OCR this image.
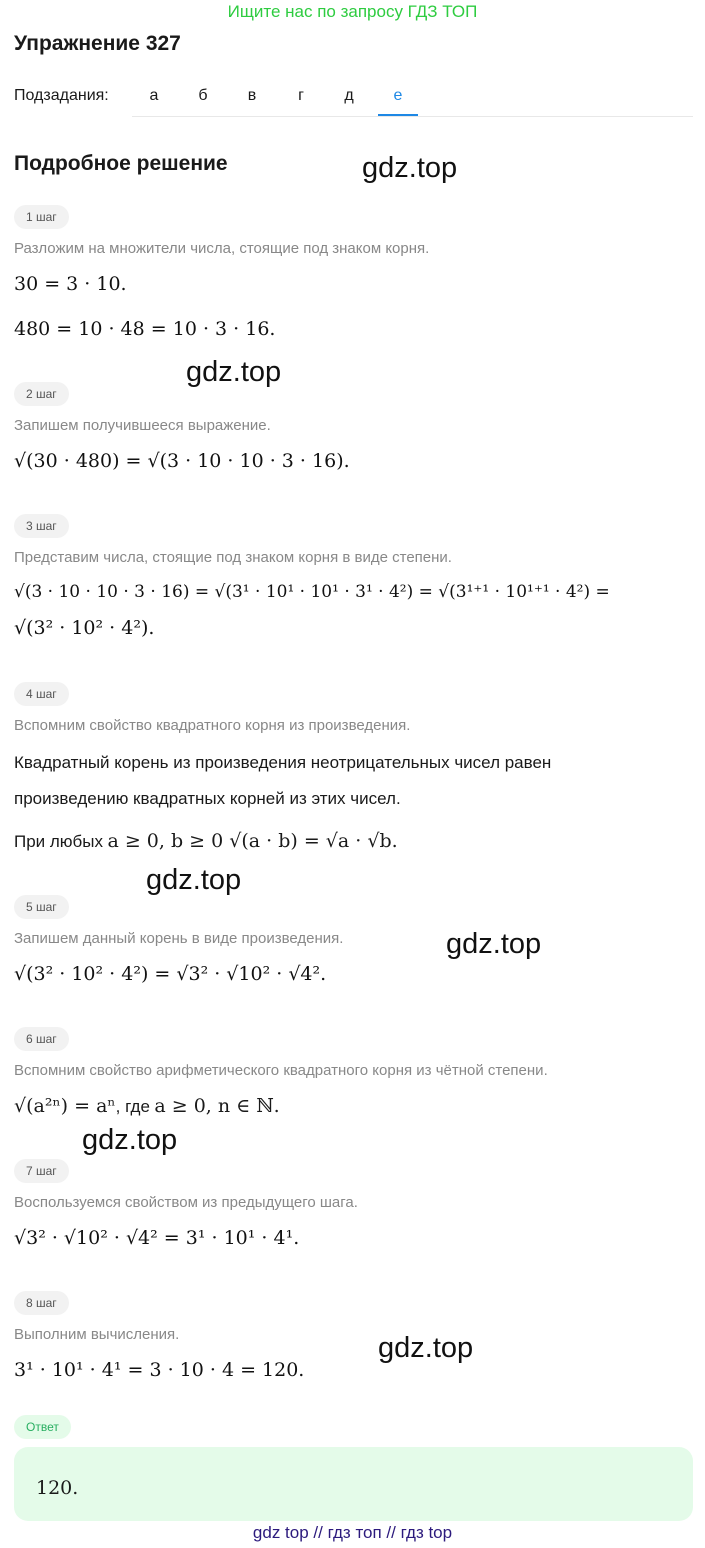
Ищите нас по запросу ГДЗ ТОП
Упражнение 327
Подзадания:	а	б	в	г	д	е
Подробное решение	gdz.top
gdz.top
gdz.top
gdz.top
gdz.top
gdz.top
1 шаг
Разложим на множители числа, стоящие под знаком корня.
30 = 3 · 10.
480 = 10 · 48 = 10 · 3 · 16.
2 шаг
Запишем получившееся выражение.
√(30 · 480) = √(3 · 10 · 10 · 3 · 16).
3 шаг
Представим числа, стоящие под знаком корня в виде степени.
√(3 · 10 · 10 · 3 · 16) = √(3¹ · 10¹ · 10¹ · 3¹ · 4²) = √(3¹⁺¹ · 10¹⁺¹ · 4²) =
√(3² · 10² · 4²).
4 шаг
Вспомним свойство квадратного корня из произведения.
Квадратный корень из произведения неотрицательных чисел равен
произведению квадратных корней из этих чисел.
При любых a ≥ 0, b ≥ 0 √(a · b) = √a · √b.
5 шаг
Запишем данный корень в виде произведения.
√(3² · 10² · 4²) = √3² · √10² · √4².
6 шаг
Вспомним свойство арифметического квадратного корня из чётной степени.
√(a²ⁿ) = aⁿ, где a ≥ 0, n ∈ ℕ.
7 шаг
Воспользуемся свойством из предыдущего шага.
√3² · √10² · √4² = 3¹ · 10¹ · 4¹.
8 шаг
Выполним вычисления.
3¹ · 10¹ · 4¹ = 3 · 10 · 4 = 120.
Ответ
120.
gdz top // гдз топ // гдз top
